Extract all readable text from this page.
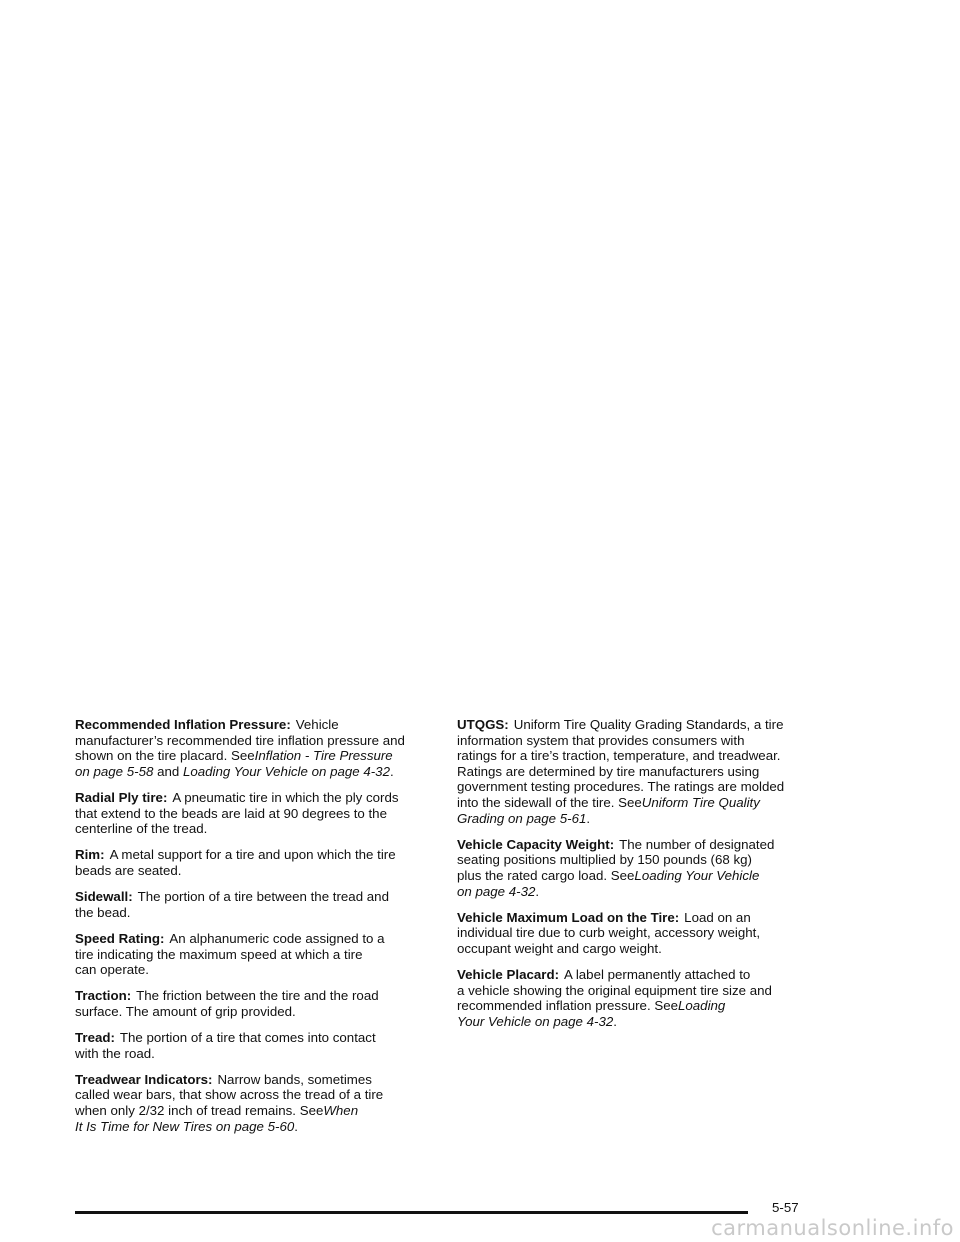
Recommended Inflation Pressure: Vehicle
manufacturer’s recommended tire inflation pressure and
shown on the tire placard. SeeInflation - Tire Pressure
on page 5-58 and Loading Your Vehicle on page 4-32.
Radial Ply tire: A pneumatic tire in which the ply cords
that extend to the beads are laid at 90 degrees to the
centerline of the tread.
Rim: A metal support for a tire and upon which the tire
beads are seated.
Sidewall: The portion of a tire between the tread and
the bead.
Speed Rating: An alphanumeric code assigned to a
tire indicating the maximum speed at which a tire
can operate.
Traction: The friction between the tire and the road
surface. The amount of grip provided.
Tread: The portion of a tire that comes into contact
with the road.
Treadwear Indicators: Narrow bands, sometimes
called wear bars, that show across the tread of a tire
when only 2/32 inch of tread remains. SeeWhen
It Is Time for New Tires on page 5-60.
UTQGS: Uniform Tire Quality Grading Standards, a tire
information system that provides consumers with
ratings for a tire’s traction, temperature, and treadwear.
Ratings are determined by tire manufacturers using
government testing procedures. The ratings are molded
into the sidewall of the tire. SeeUniform Tire Quality
Grading on page 5-61.
Vehicle Capacity Weight: The number of designated
seating positions multiplied by 150 pounds (68 kg)
plus the rated cargo load. SeeLoading Your Vehicle
on page 4-32.
Vehicle Maximum Load on the Tire: Load on an
individual tire due to curb weight, accessory weight,
occupant weight and cargo weight.
Vehicle Placard: A label permanently attached to
a vehicle showing the original equipment tire size and
recommended inflation pressure. SeeLoading
Your Vehicle on page 4-32.
5-57
carmanualsonline.info
